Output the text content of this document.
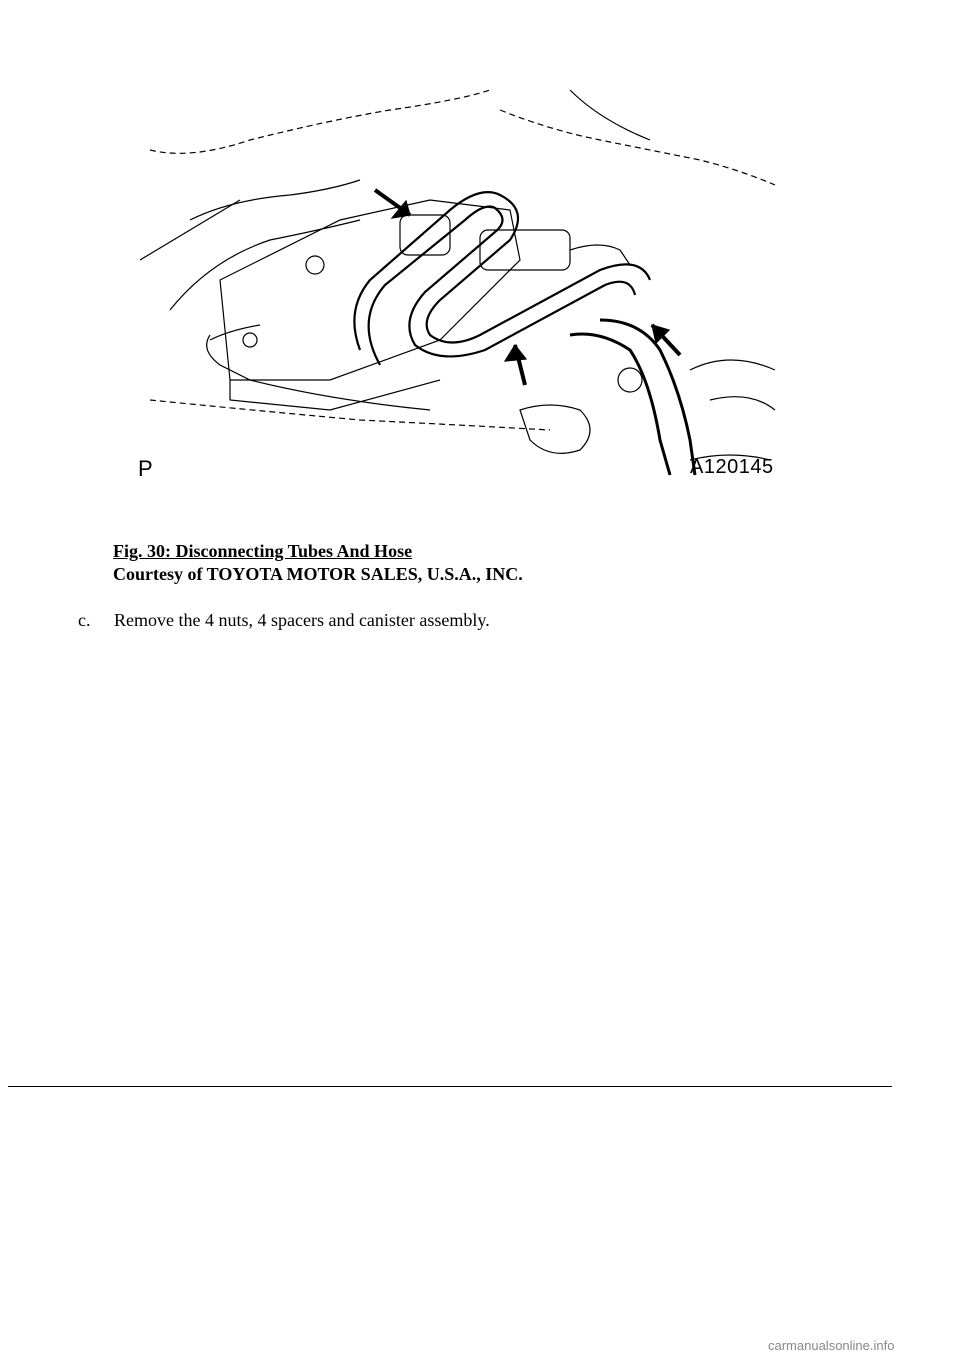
P	A120145
Fig. 30: Disconnecting Tubes And Hose
Courtesy of TOYOTA MOTOR SALES, U.S.A., INC.
c. Remove the 4 nuts, 4 spacers and canister assembly.
carmanualsonline.info
